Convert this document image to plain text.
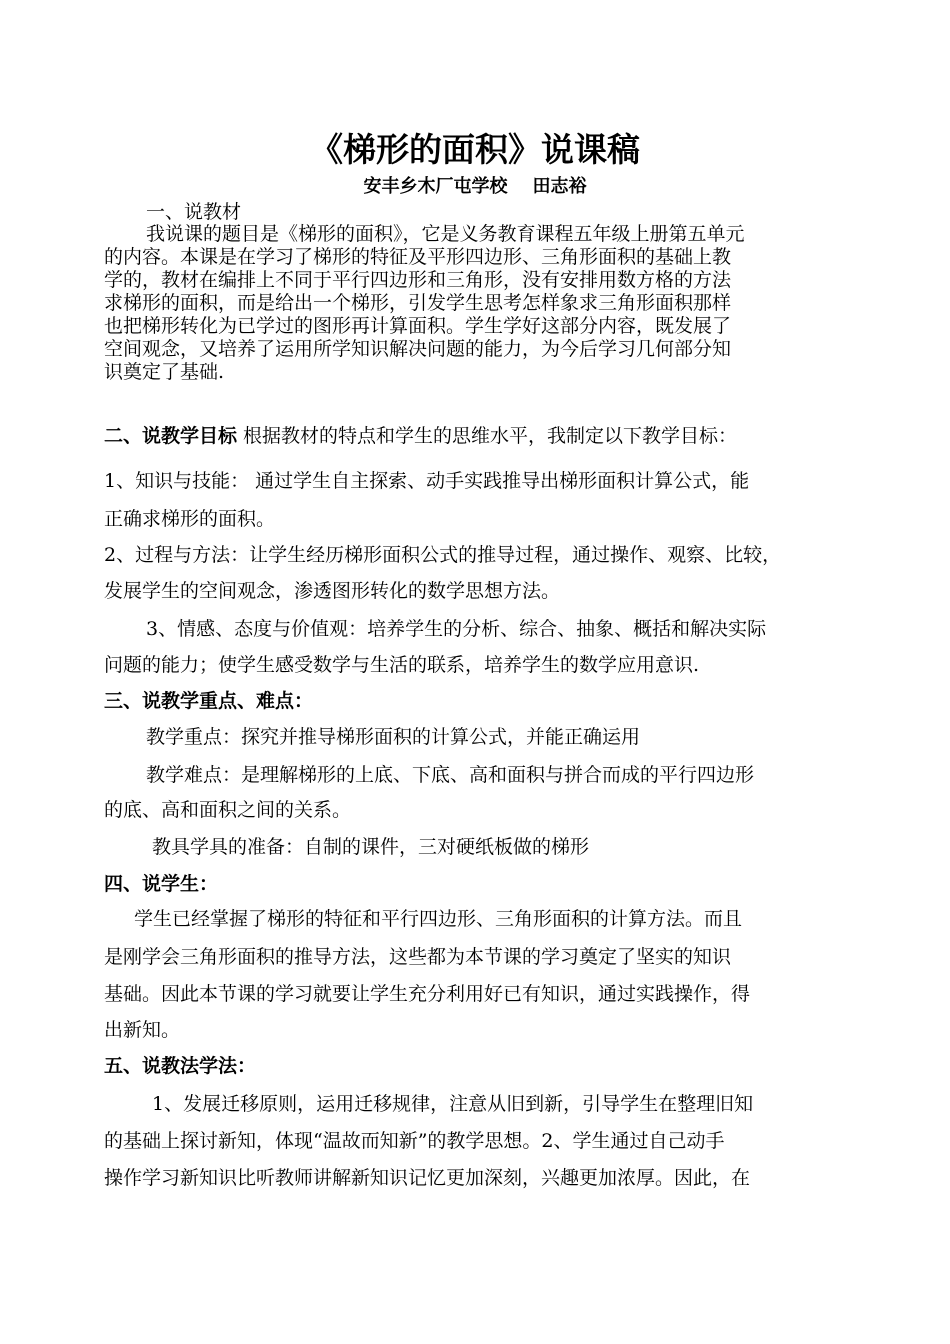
《梯形的面积》说课稿
安丰乡木厂屯学校    田志裕
一、说教材
我说课的题目是《梯形的面积》，它是义务教育课程五年级上册第五单元
的内容。本课是在学习了梯形的特征及平形四边形、三角形面积的基础上教
学的，教材在编排上不同于平行四边形和三角形，没有安排用数方格的方法
求梯形的面积，而是给出一个梯形，引发学生思考怎样象求三角形面积那样
也把梯形转化为已学过的图形再计算面积。学生学好这部分内容，既发展了
空间观念，又培养了运用所学知识解决问题的能力，为今后学习几何部分知
识奠定了基础.
二、说教学目标 根据教材的特点和学生的思维水平，我制定以下教学目标：
1、知识与技能： 通过学生自主探索、动手实践推导出梯形面积计算公式，能
正确求梯形的面积。
2、过程与方法：让学生经历梯形面积公式的推导过程，通过操作、观察、比较，
发展学生的空间观念，渗透图形转化的数学思想方法。
3、情感、态度与价值观：培养学生的分析、综合、抽象、概括和解决实际
问题的能力；使学生感受数学与生活的联系，培养学生的数学应用意识.
三、说教学重点、难点：
教学重点：探究并推导梯形面积的计算公式，并能正确运用
教学难点：是理解梯形的上底、下底、高和面积与拼合而成的平行四边形
的底、高和面积之间的关系。
教具学具的准备：自制的课件，三对硬纸板做的梯形
四、说学生：
学生已经掌握了梯形的特征和平行四边形、三角形面积的计算方法。而且
是刚学会三角形面积的推导方法，这些都为本节课的学习奠定了坚实的知识
基础。因此本节课的学习就要让学生充分利用好已有知识，通过实践操作，得
出新知。
五、说教法学法：
1、发展迁移原则，运用迁移规律，注意从旧到新，引导学生在整理旧知
的基础上探讨新知，体现“温故而知新”的教学思想。2、学生通过自己动手
操作学习新知识比听教师讲解新知识记忆更加深刻，兴趣更加浓厚。因此，在
